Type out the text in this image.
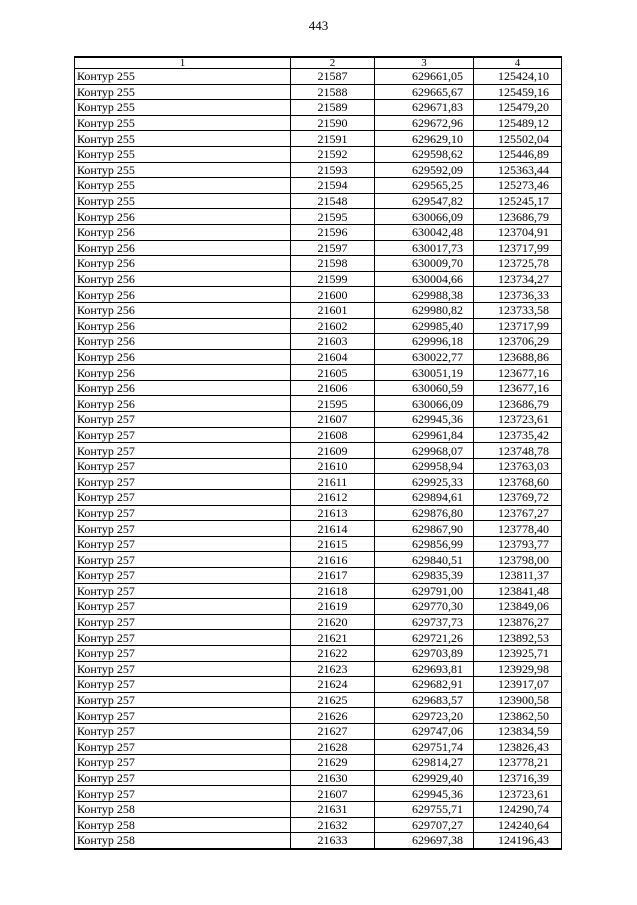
443
1	2	3	4
Контур 255	21587	629661,05	125424,10
Контур 255	21588	629665,67	125459,16
Контур 255	21589	629671,83	125479,20
Контур 255	21590	629672,96	125489,12
Контур 255	21591	629629,10	125502,04
Контур 255	21592	629598,62	125446,89
Контур 255	21593	629592,09	125363,44
Контур 255	21594	629565,25	125273,46
Контур 255	21548	629547,82	125245,17
Контур 256	21595	630066,09	123686,79
Контур 256	21596	630042,48	123704,91
Контур 256	21597	630017,73	123717,99
Контур 256	21598	630009,70	123725,78
Контур 256	21599	630004,66	123734,27
Контур 256	21600	629988,38	123736,33
Контур 256	21601	629980,82	123733,58
Контур 256	21602	629985,40	123717,99
Контур 256	21603	629996,18	123706,29
Контур 256	21604	630022,77	123688,86
Контур 256	21605	630051,19	123677,16
Контур 256	21606	630060,59	123677,16
Контур 256	21595	630066,09	123686,79
Контур 257	21607	629945,36	123723,61
Контур 257	21608	629961,84	123735,42
Контур 257	21609	629968,07	123748,78
Контур 257	21610	629958,94	123763,03
Контур 257	21611	629925,33	123768,60
Контур 257	21612	629894,61	123769,72
Контур 257	21613	629876,80	123767,27
Контур 257	21614	629867,90	123778,40
Контур 257	21615	629856,99	123793,77
Контур 257	21616	629840,51	123798,00
Контур 257	21617	629835,39	123811,37
Контур 257	21618	629791,00	123841,48
Контур 257	21619	629770,30	123849,06
Контур 257	21620	629737,73	123876,27
Контур 257	21621	629721,26	123892,53
Контур 257	21622	629703,89	123925,71
Контур 257	21623	629693,81	123929,98
Контур 257	21624	629682,91	123917,07
Контур 257	21625	629683,57	123900,58
Контур 257	21626	629723,20	123862,50
Контур 257	21627	629747,06	123834,59
Контур 257	21628	629751,74	123826,43
Контур 257	21629	629814,27	123778,21
Контур 257	21630	629929,40	123716,39
Контур 257	21607	629945,36	123723,61
Контур 258	21631	629755,71	124290,74
Контур 258	21632	629707,27	124240,64
Контур 258	21633	629697,38	124196,43
